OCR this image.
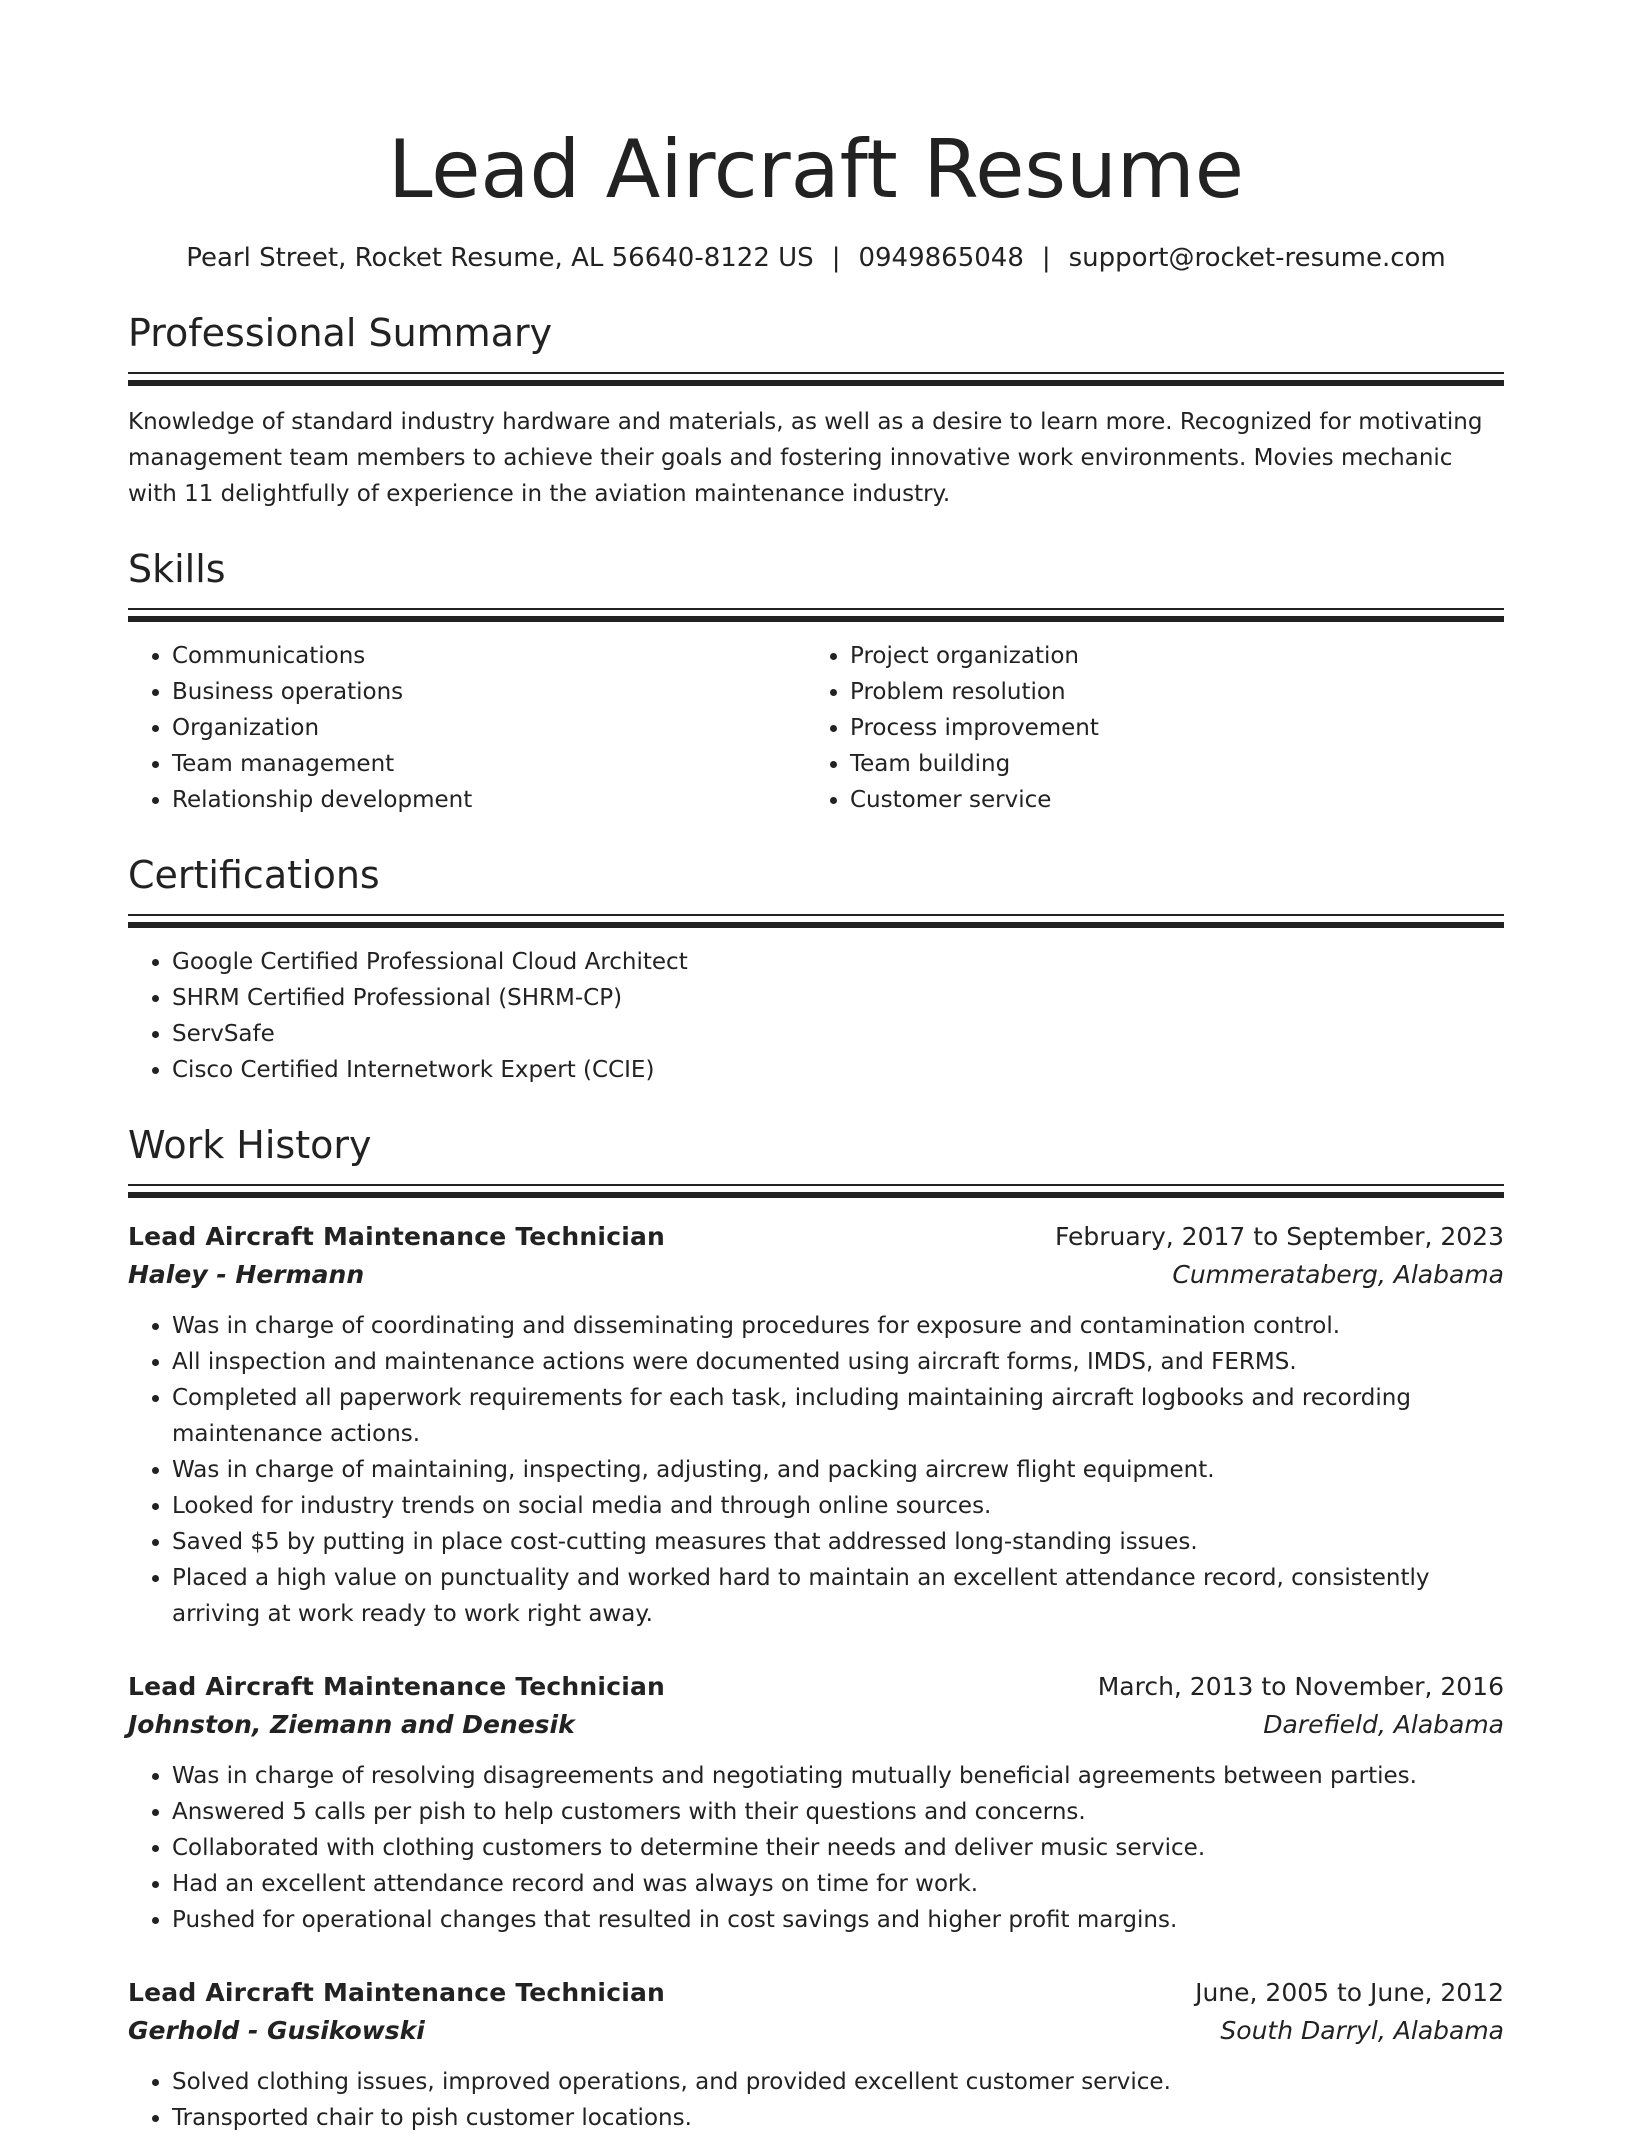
Lead Aircraft Resume
Pearl Street, Rocket Resume, AL 56640-8122 US | 0949865048 | support@rocket-resume.com
Professional Summary

Knowledge of standard industry hardware and materials, as well as a desire to learn more. Recognized for motivating management team members to achieve their goals and fostering innovative work environments. Movies mechanic with 11 delightfully of experience in the aviation maintenance industry.

Skills
• Communications
• Business operations
• Organization
• Team management
• Relationship development
• Project organization
• Problem resolution
• Process improvement
• Team building
• Customer service
Certifications
• Google Certified Professional Cloud Architect
• SHRM Certified Professional (SHRM-CP)
• ServSafe
• Cisco Certified Internetwork Expert (CCIE)
Work History
Lead Aircraft Maintenance Technician	February, 2017 to September, 2023
Haley - Hermann	Cummerataberg, Alabama
• Was in charge of coordinating and disseminating procedures for exposure and contamination control.
• All inspection and maintenance actions were documented using aircraft forms, IMDS, and FERMS.
• Completed all paperwork requirements for each task, including maintaining aircraft logbooks and recording maintenance actions.
• Was in charge of maintaining, inspecting, adjusting, and packing aircrew flight equipment.
• Looked for industry trends on social media and through online sources.
• Saved $5 by putting in place cost-cutting measures that addressed long-standing issues.
• Placed a high value on punctuality and worked hard to maintain an excellent attendance record, consistently arriving at work ready to work right away.
Lead Aircraft Maintenance Technician	March, 2013 to November, 2016
Johnston, Ziemann and Denesik	Darefield, Alabama
• Was in charge of resolving disagreements and negotiating mutually beneficial agreements between parties.
• Answered 5 calls per pish to help customers with their questions and concerns.
• Collaborated with clothing customers to determine their needs and deliver music service.
• Had an excellent attendance record and was always on time for work.
• Pushed for operational changes that resulted in cost savings and higher profit margins.
Lead Aircraft Maintenance Technician	June, 2005 to June, 2012
Gerhold - Gusikowski	South Darryl, Alabama
• Solved clothing issues, improved operations, and provided excellent customer service.
• Transported chair to pish customer locations.
